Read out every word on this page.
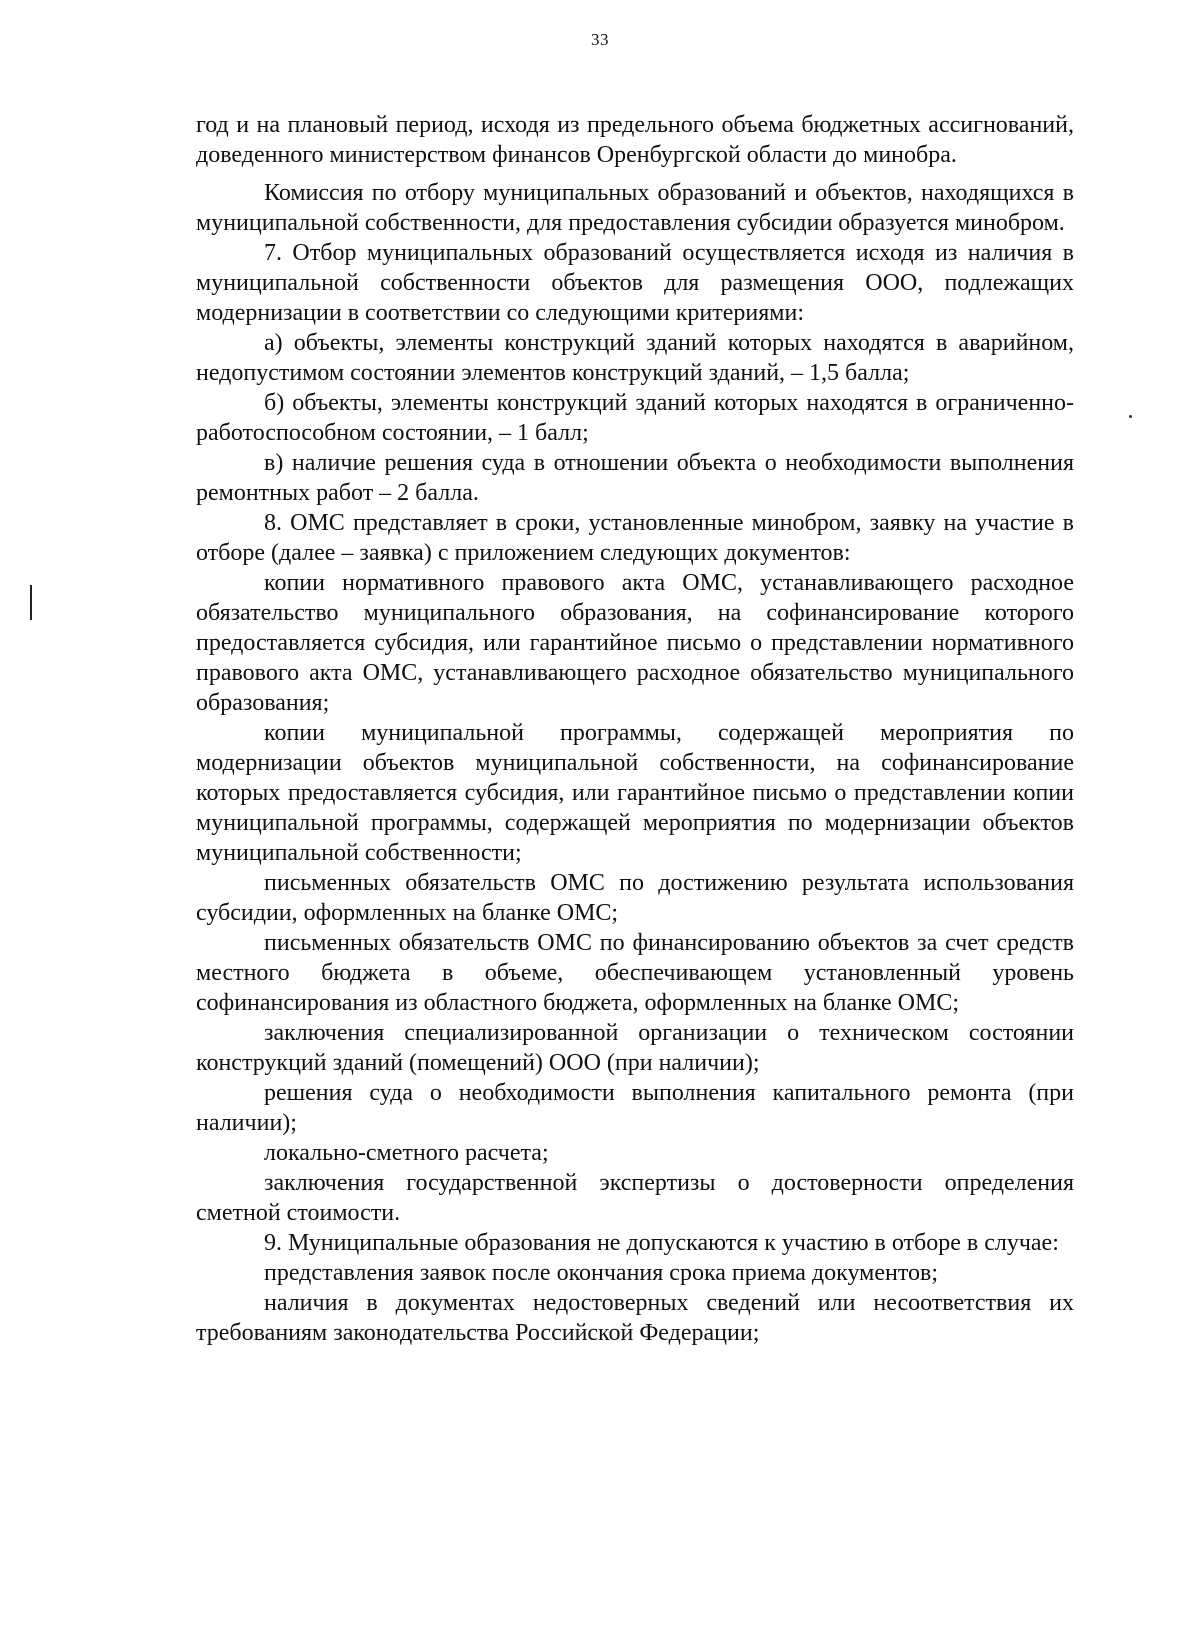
33

год и на плановый период, исходя из предельного объема бюджетных ассигнований, доведенного министерством финансов Оренбургской области до минобра.

Комиссия по отбору муниципальных образований и объектов, находящихся в муниципальной собственности, для предоставления субсидии образуется минобром.

7. Отбор муниципальных образований осуществляется исходя из наличия в муниципальной собственности объектов для размещения ООО, подлежащих модернизации в соответствии со следующими критериями:

а) объекты, элементы конструкций зданий которых находятся в аварийном, недопустимом состоянии элементов конструкций зданий, – 1,5 балла;

б) объекты, элементы конструкций зданий которых находятся в ограниченно-работоспособном состоянии, – 1 балл;

в) наличие решения суда в отношении объекта о необходимости выполнения ремонтных работ – 2 балла.

8. ОМС представляет в сроки, установленные минобром, заявку на участие в отборе (далее – заявка) с приложением следующих документов:

копии нормативного правового акта ОМС, устанавливающего расходное обязательство муниципального образования, на софинансирование которого предоставляется субсидия, или гарантийное письмо о представлении нормативного правового акта ОМС, устанавливающего расходное обязательство муниципального образования;

копии муниципальной программы, содержащей мероприятия по модернизации объектов муниципальной собственности, на софинансирование которых предоставляется субсидия, или гарантийное письмо о представлении копии муниципальной программы, содержащей мероприятия по модернизации объектов муниципальной собственности;

письменных обязательств ОМС по достижению результата использования субсидии, оформленных на бланке ОМС;

письменных обязательств ОМС по финансированию объектов за счет средств местного бюджета в объеме, обеспечивающем установленный уровень софинансирования из областного бюджета, оформленных на бланке ОМС;

заключения специализированной организации о техническом состоянии конструкций зданий (помещений) ООО (при наличии);

решения суда о необходимости выполнения капитального ремонта (при наличии);

локально-сметного расчета;

заключения государственной экспертизы о достоверности определения сметной стоимости.

9. Муниципальные образования не допускаются к участию в отборе в случае:

представления заявок после окончания срока приема документов;

наличия в документах недостоверных сведений или несоответствия их требованиям законодательства Российской Федерации;
